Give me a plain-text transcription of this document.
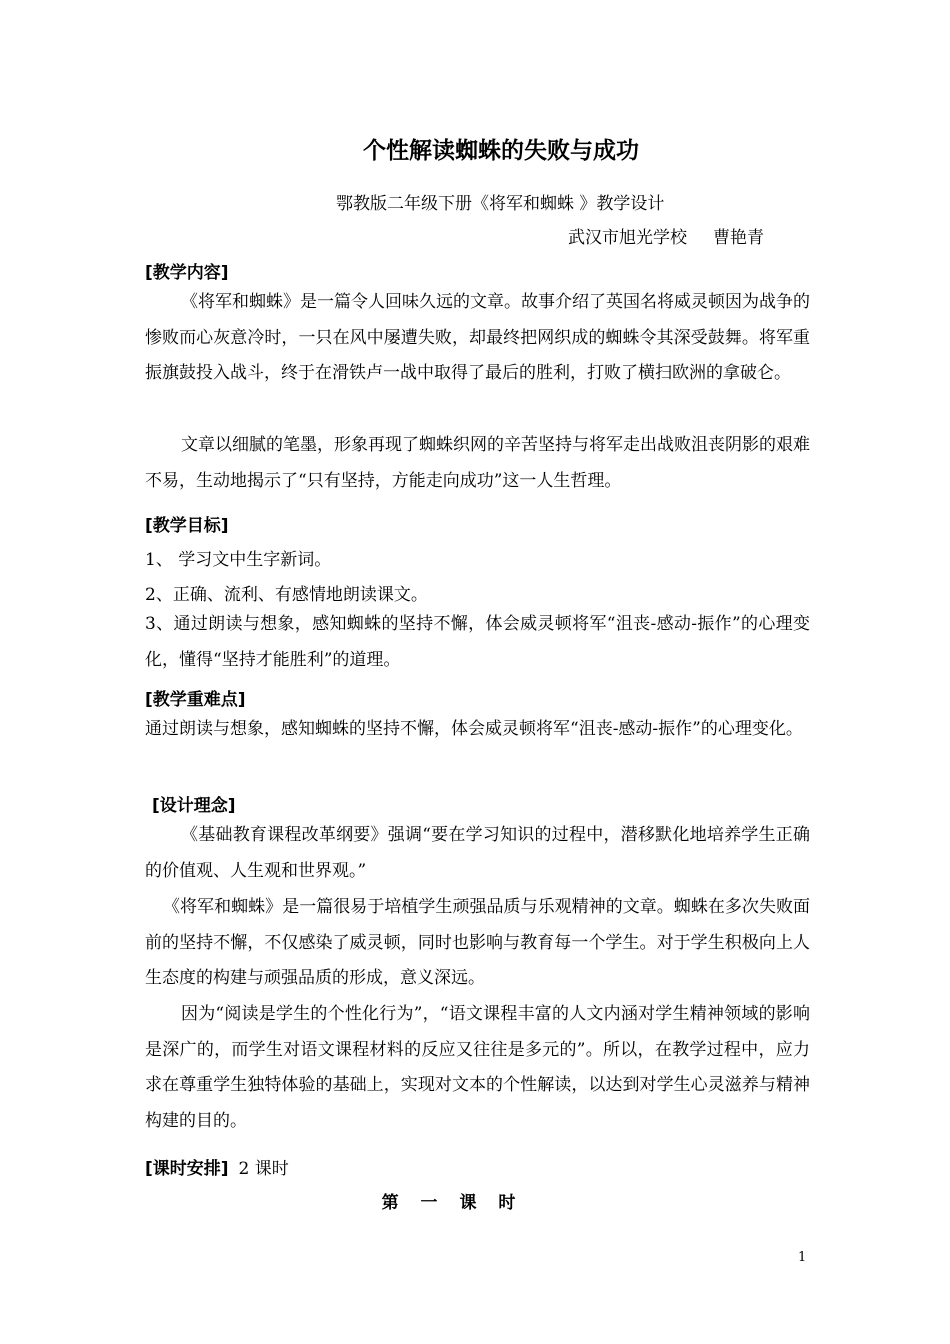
个性解读蜘蛛的失败与成功
鄂教版二年级下册《将军和蜘蛛 》教学设计
武汉市旭光学校 曹艳青
[教学内容]
《将军和蜘蛛》是一篇令人回味久远的文章。故事介绍了英国名将威灵顿因为战争的惨败而心灰意冷时，一只在风中屡遭失败，却最终把网织成的蜘蛛令其深受鼓舞。将军重振旗鼓投入战斗，终于在滑铁卢一战中取得了最后的胜利，打败了横扫欧洲的拿破仑。
文章以细腻的笔墨，形象再现了蜘蛛织网的辛苦坚持与将军走出战败沮丧阴影的艰难不易，生动地揭示了“只有坚持，方能走向成功”这一人生哲理。
[教学目标]
1、 学习文中生字新词。
2、正确、流利、有感情地朗读课文。
3、通过朗读与想象，感知蜘蛛的坚持不懈，体会威灵顿将军“沮丧-感动-振作”的心理变化，懂得“坚持才能胜利”的道理。
[教学重难点]
通过朗读与想象，感知蜘蛛的坚持不懈，体会威灵顿将军“沮丧-感动-振作”的心理变化。
[设计理念]
《基础教育课程改革纲要》强调“要在学习知识的过程中，潜移默化地培养学生正确的价值观、人生观和世界观。”
《将军和蜘蛛》是一篇很易于培植学生顽强品质与乐观精神的文章。蜘蛛在多次失败面前的坚持不懈，不仅感染了威灵顿，同时也影响与教育每一个学生。对于学生积极向上人生态度的构建与顽强品质的形成，意义深远。
因为“阅读是学生的个性化行为”，“语文课程丰富的人文内涵对学生精神领域的影响是深广的，而学生对语文课程材料的反应又往往是多元的”。所以，在教学过程中，应力求在尊重学生独特体验的基础上，实现对文本的个性解读，以达到对学生心灵滋养与精神构建的目的。
[课时安排] 2 课时
第 一 课 时
1
